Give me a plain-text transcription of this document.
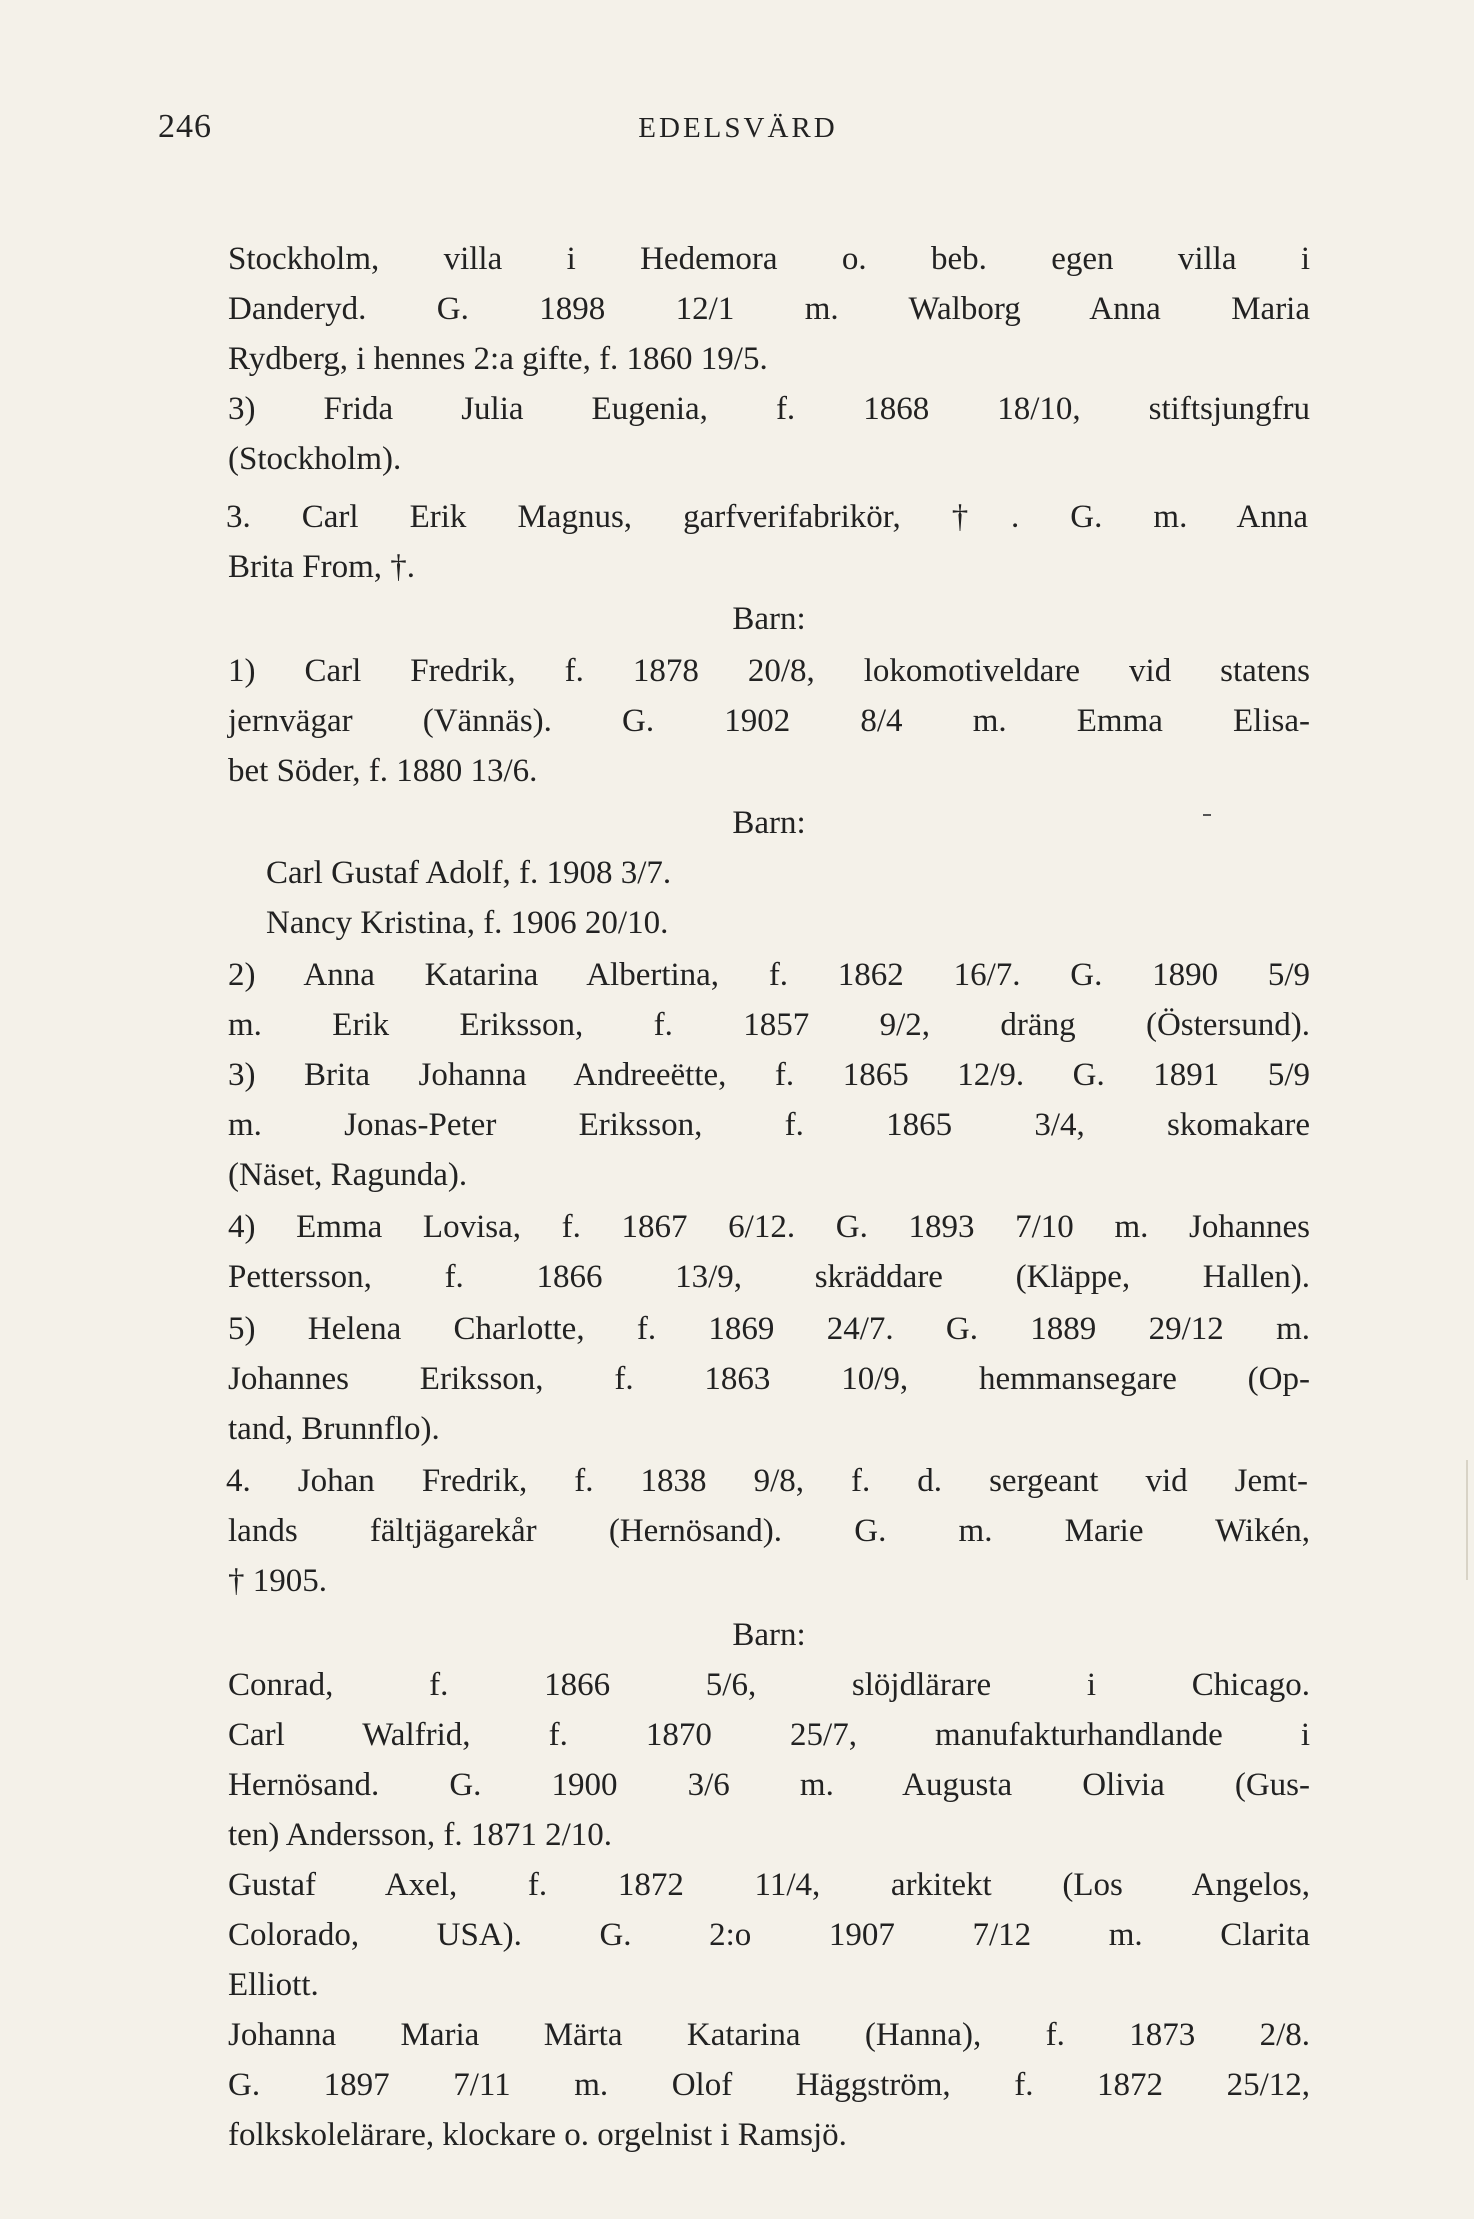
246	EDELSVÄRD
Stockholm, villa i Hedemora o. beb. egen villa i
Danderyd. G. 1898 12/1 m. Walborg Anna Maria
Rydberg, i hennes 2:a gifte, f. 1860 19/5.
3) Frida Julia Eugenia, f. 1868 18/10, stiftsjungfru
(Stockholm).
3. Carl Erik Magnus, garfverifabrikör, †. G. m. Anna
Brita From, †.
Barn:
1) Carl Fredrik, f. 1878 20/8, lokomotiveldare vid statens
jernvägar (Vännäs). G. 1902 8/4 m. Emma Elisa-
bet Söder, f. 1880 13/6.
Barn:
Carl Gustaf Adolf, f. 1908 3/7.
Nancy Kristina, f. 1906 20/10.
2) Anna Katarina Albertina, f. 1862 16/7. G. 1890 5/9
m. Erik Eriksson, f. 1857 9/2, dräng (Östersund).
3) Brita Johanna Andreeëtte, f. 1865 12/9. G. 1891 5/9
m. Jonas-Peter Eriksson, f. 1865 3/4, skomakare
(Näset, Ragunda).
4) Emma Lovisa, f. 1867 6/12. G. 1893 7/10 m. Johannes
Pettersson, f. 1866 13/9, skräddare (Kläppe, Hallen).
5) Helena Charlotte, f. 1869 24/7. G. 1889 29/12 m.
Johannes Eriksson, f. 1863 10/9, hemmansegare (Op-
tand, Brunnflo).
4. Johan Fredrik, f. 1838 9/8, f. d. sergeant vid Jemt-
lands fältjägarekår (Hernösand). G. m. Marie Wikén,
† 1905.
Barn:
Conrad, f. 1866 5/6, slöjdlärare i Chicago.
Carl Walfrid, f. 1870 25/7, manufakturhandlande i
Hernösand. G. 1900 3/6 m. Augusta Olivia (Gus-
ten) Andersson, f. 1871 2/10.
Gustaf Axel, f. 1872 11/4, arkitekt (Los Angelos,
Colorado, USA). G. 2:o 1907 7/12 m. Clarita
Elliott.
Johanna Maria Märta Katarina (Hanna), f. 1873 2/8.
G. 1897 7/11 m. Olof Häggström, f. 1872 25/12,
folkskolelärare, klockare o. orgelnist i Ramsjö.
